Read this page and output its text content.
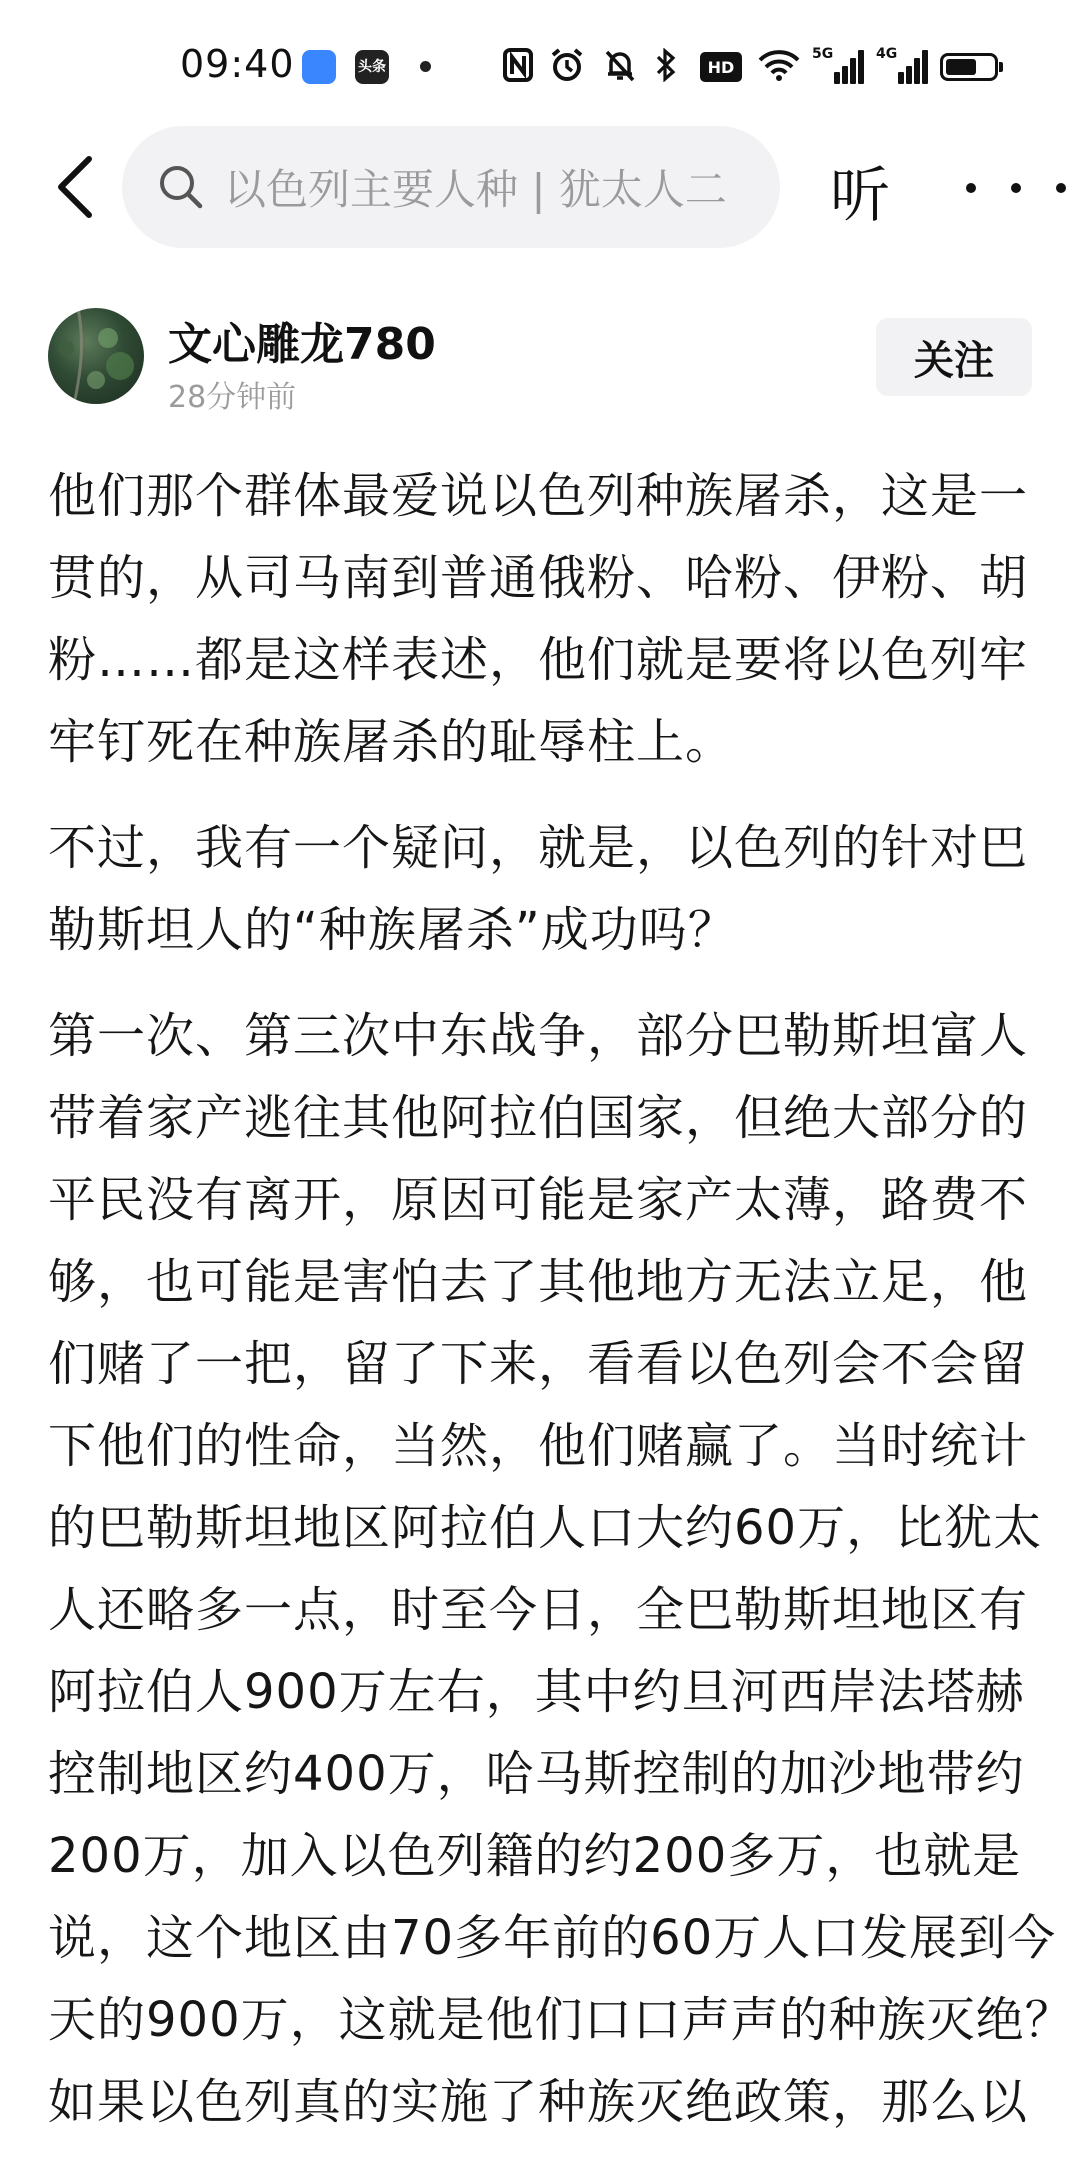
09:40	头条	HD
5G	4G
以色列主要人种 | 犹太人二 听
文心雕龙780
28分钟前
关注

他们那个群体最爱说以色列种族屠杀，这是一
贯的，从司马南到普通俄粉、哈粉、伊粉、胡
粉……都是这样表述，他们就是要将以色列牢
牢钉死在种族屠杀的耻辱柱上。

不过，我有一个疑问，就是，以色列的针对巴
勒斯坦人的“种族屠杀”成功吗？

第一次、第三次中东战争，部分巴勒斯坦富人
带着家产逃往其他阿拉伯国家，但绝大部分的
平民没有离开，原因可能是家产太薄，路费不
够，也可能是害怕去了其他地方无法立足，他
们赌了一把，留了下来，看看以色列会不会留
下他们的性命，当然，他们赌赢了。当时统计
的巴勒斯坦地区阿拉伯人口大约60万，比犹太
人还略多一点，时至今日，全巴勒斯坦地区有
阿拉伯人900万左右，其中约旦河西岸法塔赫
控制地区约400万，哈马斯控制的加沙地带约
200万，加入以色列籍的约200多万，也就是
说，这个地区由70多年前的60万人口发展到今
天的900万，这就是他们口口声声的种族灭绝？
如果以色列真的实施了种族灭绝政策，那么以
